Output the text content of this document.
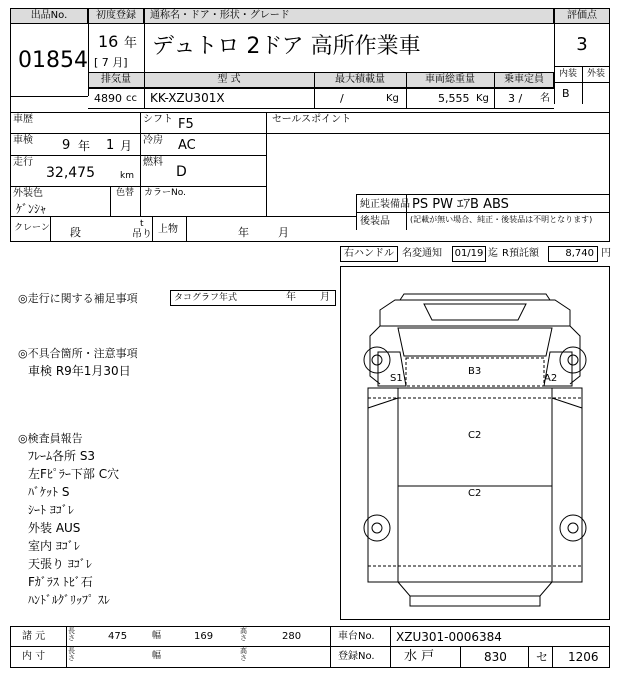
出品No.
01854
初度登録	通称名・ドア・形状・グレード
16 年
[ 7 月]
デュトロ 2ドア 高所作業車
評価点
3
内装	外装
B
排気量	型 式	最大積載量	車両総重量	乗車定員
4890 cc KK-XZU301X	/	Kg	5,555 Kg 3 / 名
車歴	シフト F5
車検 9 年 1 月 冷房 AC
走行
32,475	km
燃料
D
外装色
ｹﾞﾝｼｬ
色替 カラーNo.
セールスポイント
純正装備品 PS PW ｴｱB ABS
後装品	(記載が無い場合、純正・後装品は不明となります)
クレーン 段
t
吊り 上物	年	月
右ハンドル 名変通知 01/19 迄 R預託額	8,740 円
◎走行に関する補足事項	タコグラフ年式	年 月
◎不具合箇所・注意事項
車検 R9年1月30日
◎検査員報告
ﾌﾚｰﾑ各所 S3
左Fﾋﾟﾗｰ下部 C穴
ﾊﾞｹｯﾄ S
ｼｰﾄ ﾖｺﾞﾚ
外装 AUS
室内 ﾖｺﾞﾚ
天張り ﾖｺﾞﾚ
Fｶﾞﾗｽ ﾄﾋﾞ石
ﾊﾝﾄﾞﾙｸﾞﾘｯﾌﾟ ｽﾚ
S1
B3
A2
C2
C2
諸 元	長さ	475	幅	169	高さ	280	車台No. XZU301-0006384
内 寸	長さ	幅	高さ	登録No. 水 戸	830 セ 1206
